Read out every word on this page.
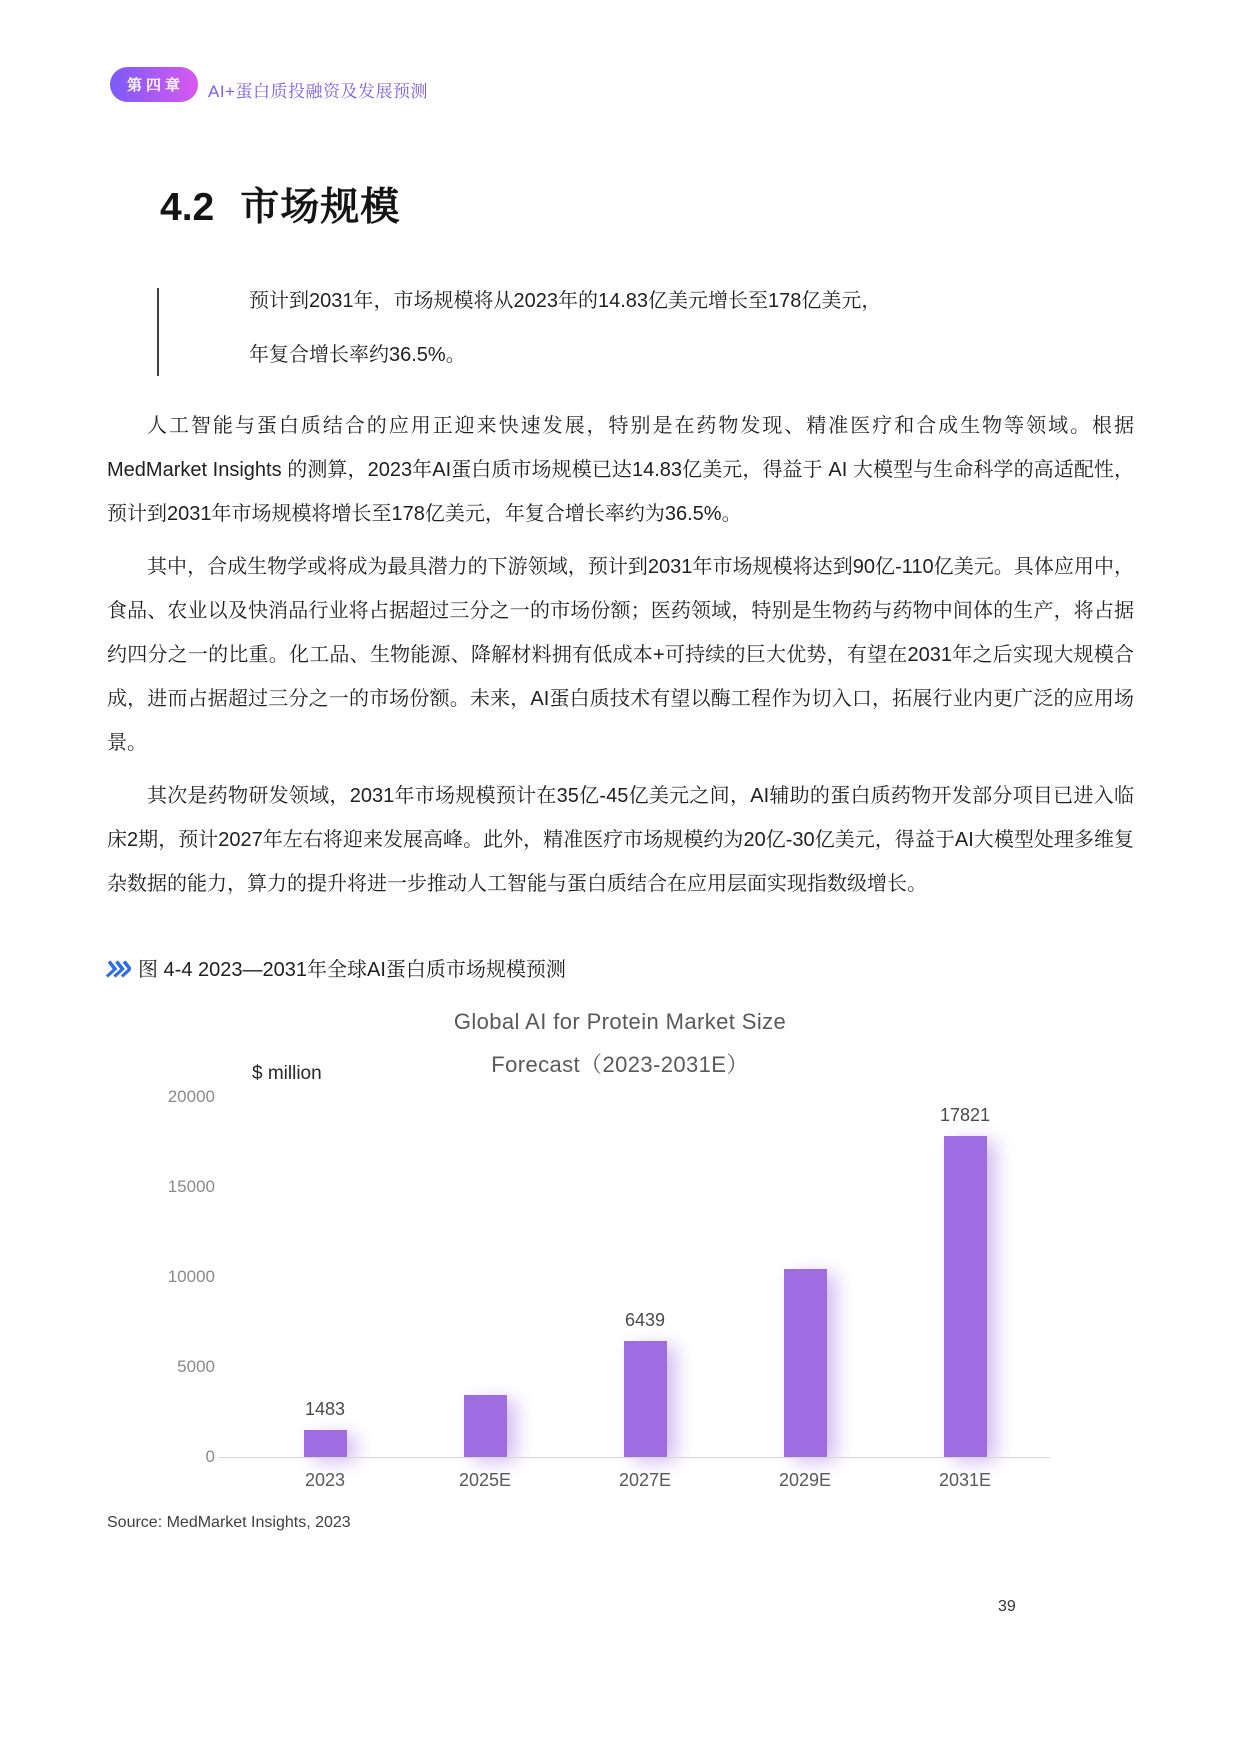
第四章 AI+蛋白质投融资及发展预测
4.2 市场规模

预计到2031年，市场规模将从2023年的14.83亿美元增长至178亿美元，

年复合增长率约36.5%。

人工智能与蛋白质结合的应用正迎来快速发展，特别是在药物发现、精准医疗和合成生物等领域。根据 MedMarket Insights 的测算，2023年AI蛋白质市场规模已达14.83亿美元，得益于 AI 大模型与生命科学的高适配性，预计到2031年市场规模将增长至178亿美元，年复合增长率约为36.5%。

其中，合成生物学或将成为最具潜力的下游领域，预计到2031年市场规模将达到90亿-110亿美元。具体应用中，食品、农业以及快消品行业将占据超过三分之一的市场份额；医药领域，特别是生物药与药物中间体的生产，将占据约四分之一的比重。化工品、生物能源、降解材料拥有低成本+可持续的巨大优势，有望在2031年之后实现大规模合成，进而占据超过三分之一的市场份额。未来，AI蛋白质技术有望以酶工程作为切入口，拓展行业内更广泛的应用场景。

其次是药物研发领域，2031年市场规模预计在35亿-45亿美元之间，AI辅助的蛋白质药物开发部分项目已进入临床2期，预计2027年左右将迎来发展高峰。此外，精准医疗市场规模约为20亿-30亿美元，得益于AI大模型处理多维复杂数据的能力，算力的提升将进一步推动人工智能与蛋白质结合在应用层面实现指数级增长。

图 4-4 2023—2031年全球AI蛋白质市场规模预测
Global AI for Protein Market Size
Forecast（2023-2031E）
$ million
0
5000
10000
15000
20000
1483
6439
17821
2023	2025E	2027E	2029E	2031E
Source: MedMarket Insights, 2023
39
